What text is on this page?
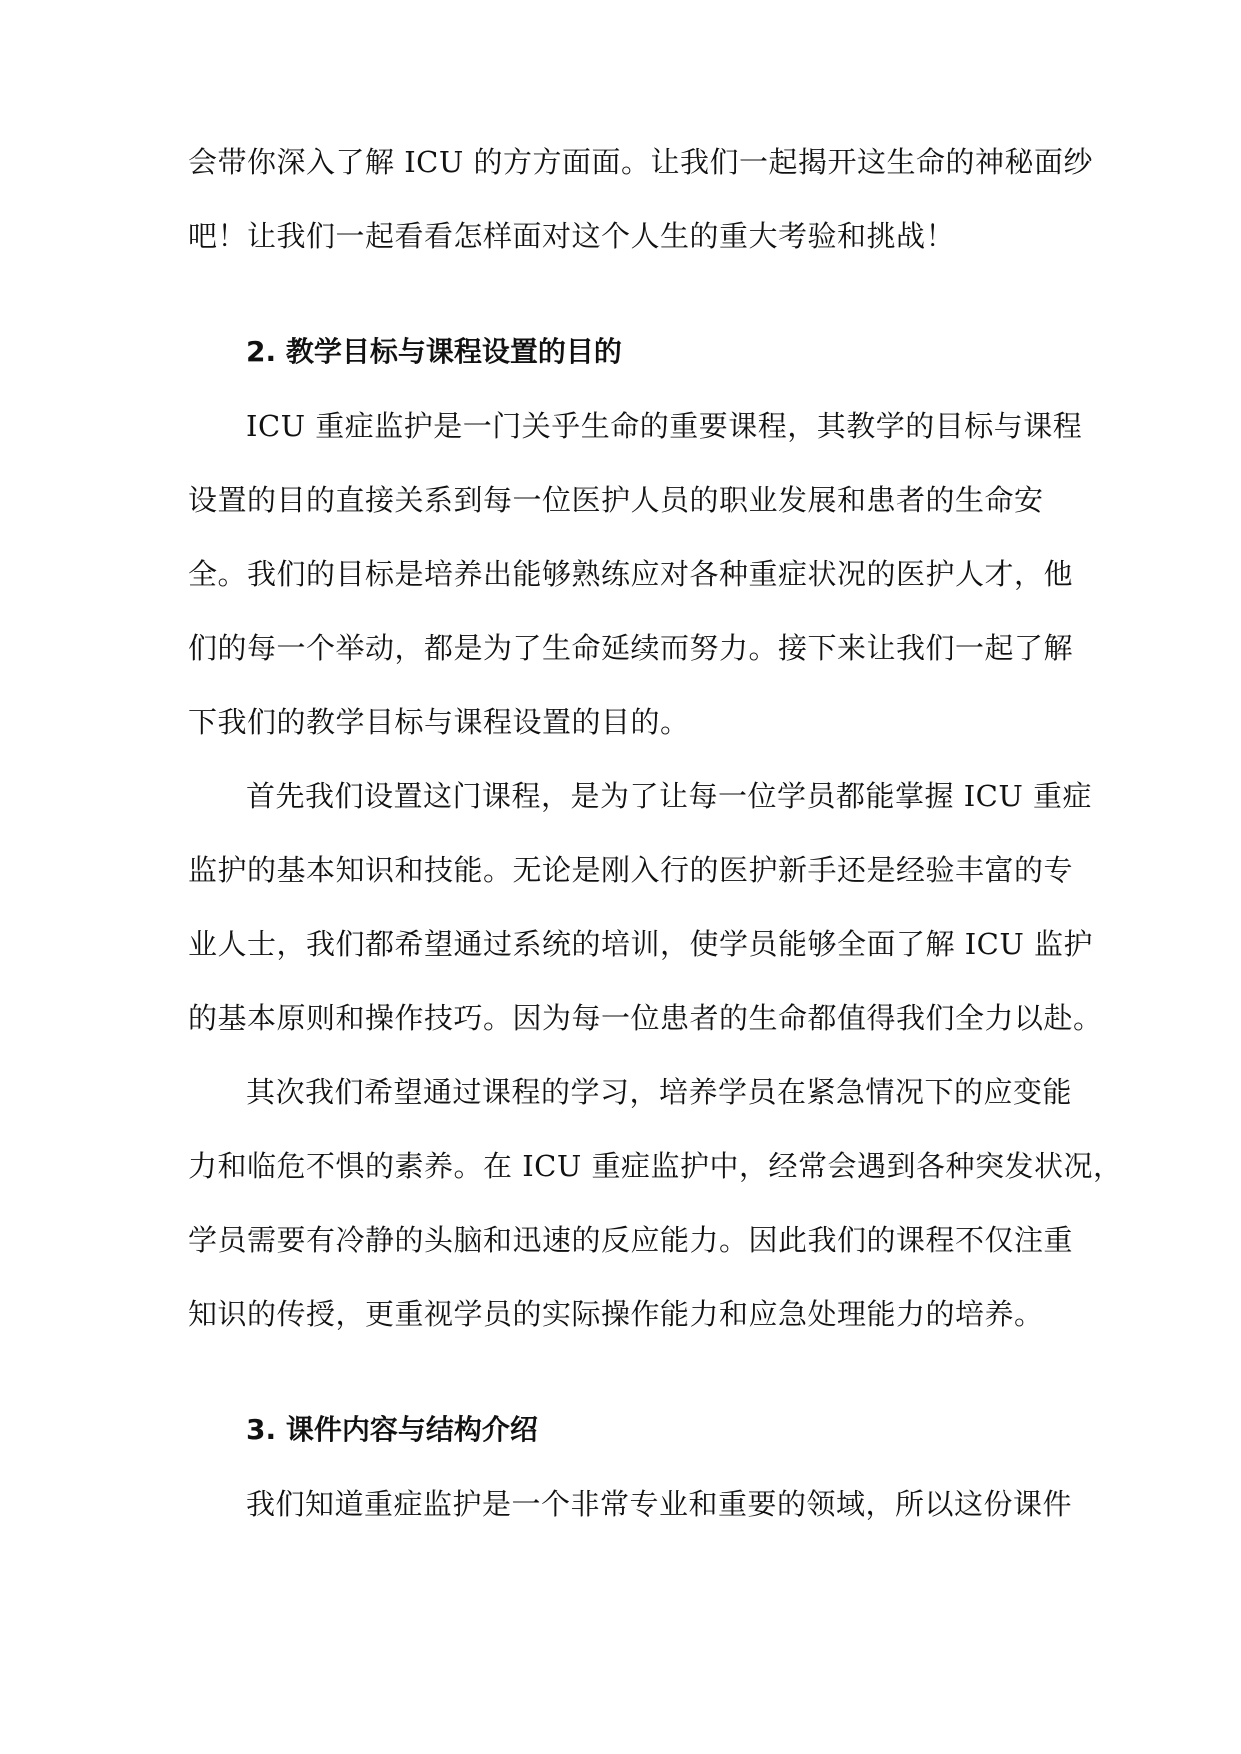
会带你深入了解 ICU 的方方面面。让我们一起揭开这生命的神秘面纱
吧！让我们一起看看怎样面对这个人生的重大考验和挑战！
2. 教学目标与课程设置的目的
ICU 重症监护是一门关乎生命的重要课程，其教学的目标与课程
设置的目的直接关系到每一位医护人员的职业发展和患者的生命安
全。我们的目标是培养出能够熟练应对各种重症状况的医护人才，他
们的每一个举动，都是为了生命延续而努力。接下来让我们一起了解
下我们的教学目标与课程设置的目的。
首先我们设置这门课程，是为了让每一位学员都能掌握 ICU 重症
监护的基本知识和技能。无论是刚入行的医护新手还是经验丰富的专
业人士，我们都希望通过系统的培训，使学员能够全面了解 ICU 监护
的基本原则和操作技巧。因为每一位患者的生命都值得我们全力以赴。
其次我们希望通过课程的学习，培养学员在紧急情况下的应变能
力和临危不惧的素养。在 ICU 重症监护中，经常会遇到各种突发状况，
学员需要有冷静的头脑和迅速的反应能力。因此我们的课程不仅注重
知识的传授，更重视学员的实际操作能力和应急处理能力的培养。
3. 课件内容与结构介绍
我们知道重症监护是一个非常专业和重要的领域，所以这份课件
